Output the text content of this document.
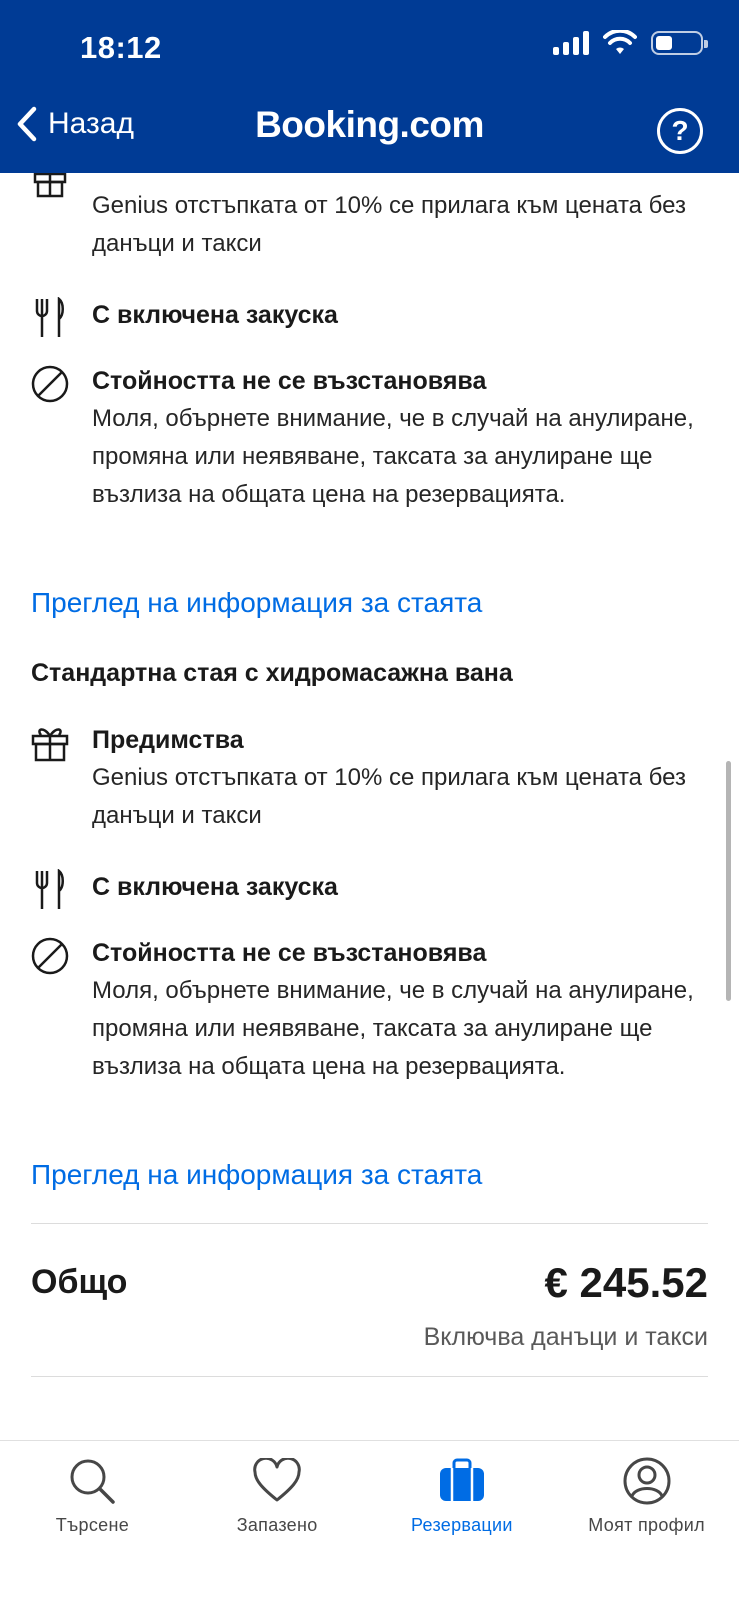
18:12
Назад	Booking.com	?
Genius отстъпката от 10% се прилага към цената без данъци и такси
С включена закуска
Стойността не се възстановява
Моля, обърнете внимание, че в случай на анулиране, промяна или неявяване, таксата за анулиране ще възлиза на общата цена на резервацията.
Преглед на информация за стаята
Стандартна стая с хидромасажна вана
Предимства
Genius отстъпката от 10% се прилага към цената без данъци и такси
С включена закуска
Стойността не се възстановява
Моля, обърнете внимание, че в случай на анулиране, промяна или неявяване, таксата за анулиране ще възлиза на общата цена на резервацията.
Преглед на информация за стаята
Общо	€ 245.52
Включва данъци и такси
Търсене	Запазено	Резервации	Моят профил
